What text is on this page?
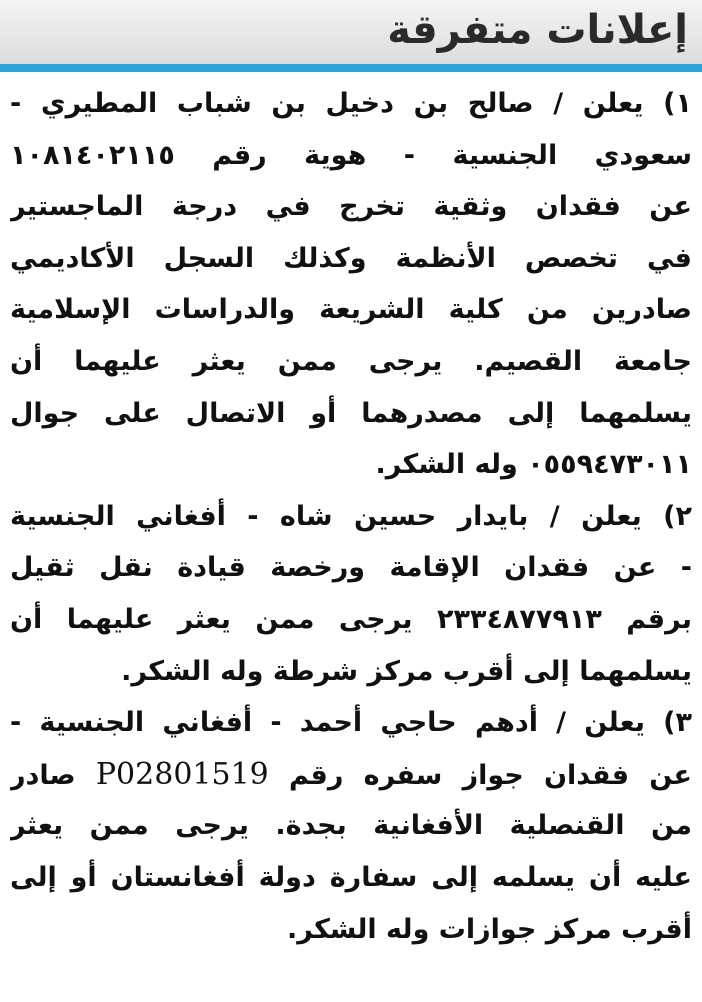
إعلانات متفرقة
١) يعلن / صالح بن دخيل بن شباب المطيري -
سعودي الجنسية - هوية رقم ١٠٨١٤٠٢١١٥
عن فقدان وثقية تخرج في درجة الماجستير
في تخصص الأنظمة وكذلك السجل الأكاديمي
صادرين من كلية الشريعة والدراسات الإسلامية
جامعة القصيم. يرجى ممن يعثر عليهما أن
يسلمهما إلى مصدرهما أو الاتصال على جوال
٠٥٥٩٤٧٣٠١١ وله الشكر.
٢) يعلن / بايدار حسين شاه - أفغاني الجنسية
- عن فقدان الإقامة ورخصة قيادة نقل ثقيل
برقم ٢٣٣٤٨٧٧٩١٣ يرجى ممن يعثر عليهما أن
يسلمهما إلى أقرب مركز شرطة وله الشكر.
٣) يعلن / أدهم حاجي أحمد - أفغاني الجنسية -
عن فقدان جواز سفره رقم P02801519 صادر
من القنصلية الأفغانية بجدة. يرجى ممن يعثر
عليه أن يسلمه إلى سفارة دولة أفغانستان أو إلى
أقرب مركز جوازات وله الشكر.
